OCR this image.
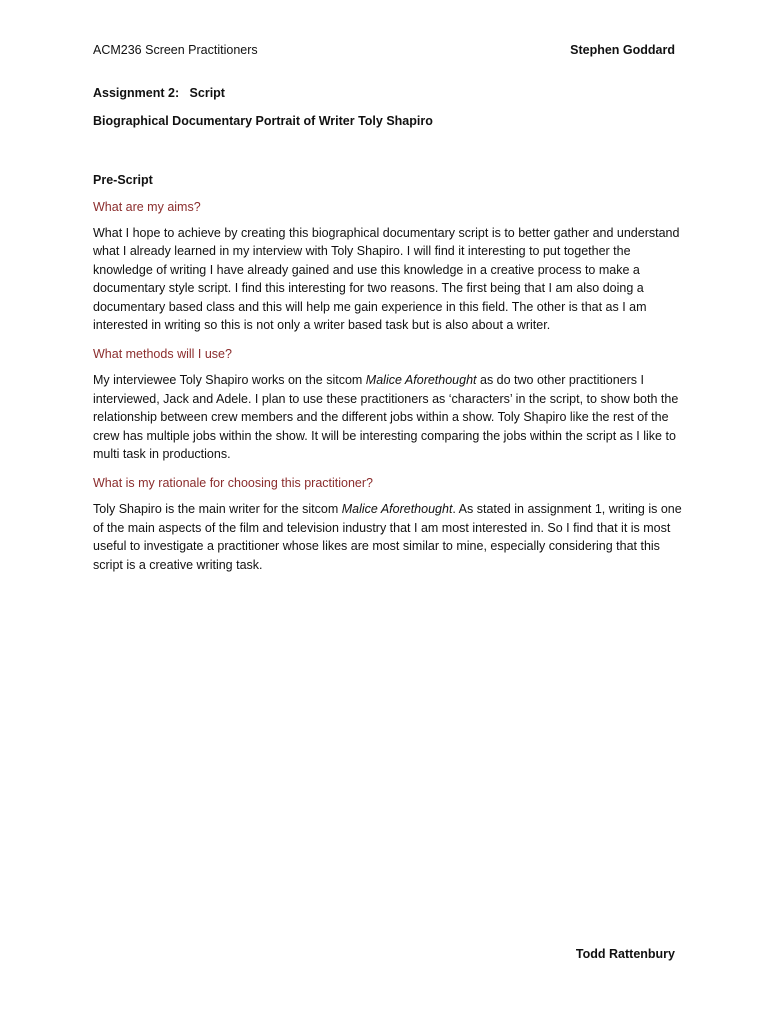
ACM236 Screen Practitioners	Stephen Goddard

Assignment 2:   Script

Biographical Documentary Portrait of Writer Toly Shapiro

Pre-Script

What are my aims?

What I hope to achieve by creating this biographical documentary script is to better gather and understand what I already learned in my interview with Toly Shapiro. I will find it interesting to put together the knowledge of writing I have already gained and use this knowledge in a creative process to make a documentary style script. I find this interesting for two reasons. The first being that I am also doing a documentary based class and this will help me gain experience in this field. The other is that as I am interested in writing so this is not only a writer based task but is also about a writer.

What methods will I use?

My interviewee Toly Shapiro works on the sitcom Malice Aforethought as do two other practitioners I interviewed, Jack and Adele. I plan to use these practitioners as ‘characters’ in the script, to show both the relationship between crew members and the different jobs within a show. Toly Shapiro like the rest of the crew has multiple jobs within the show. It will be interesting comparing the jobs within the script as I like to multi task in productions.

What is my rationale for choosing this practitioner?

Toly Shapiro is the main writer for the sitcom Malice Aforethought. As stated in assignment 1, writing is one of the main aspects of the film and television industry that I am most interested in. So I find that it is most useful to investigate a practitioner whose likes are most similar to mine, especially considering that this script is a creative writing task.

Todd Rattenbury
